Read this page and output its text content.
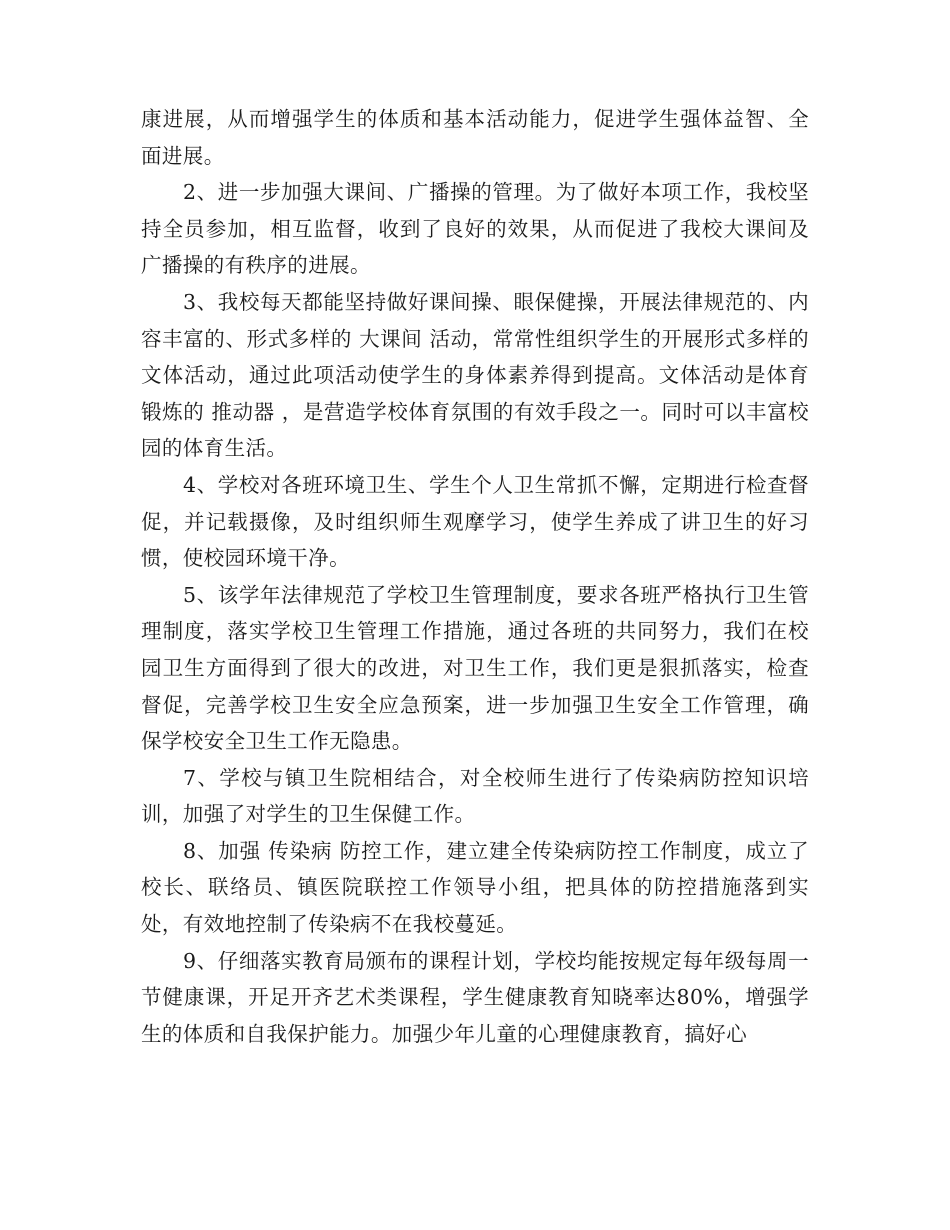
康进展，从而增强学生的体质和基本活动能力，促进学生强体益智、全面进展。

2、进一步加强大课间、广播操的管理。为了做好本项工作，我校坚持全员参加，相互监督，收到了良好的效果，从而促进了我校大课间及广播操的有秩序的进展。

3、我校每天都能坚持做好课间操、眼保健操，开展法律规范的、内容丰富的、形式多样的 大课间 活动，常常性组织学生的开展形式多样的文体活动，通过此项活动使学生的身体素养得到提高。文体活动是体育锻炼的 推动器 ，是营造学校体育氛围的有效手段之一。同时可以丰富校园的体育生活。

4、学校对各班环境卫生、学生个人卫生常抓不懈，定期进行检查督促，并记载摄像，及时组织师生观摩学习，使学生养成了讲卫生的好习惯，使校园环境干净。

5、该学年法律规范了学校卫生管理制度，要求各班严格执行卫生管理制度，落实学校卫生管理工作措施，通过各班的共同努力，我们在校园卫生方面得到了很大的改进，对卫生工作，我们更是狠抓落实，检查督促，完善学校卫生安全应急预案，进一步加强卫生安全工作管理，确保学校安全卫生工作无隐患。

7、学校与镇卫生院相结合，对全校师生进行了传染病防控知识培训，加强了对学生的卫生保健工作。

8、加强 传染病 防控工作，建立建全传染病防控工作制度，成立了校长、联络员、镇医院联控工作领导小组，把具体的防控措施落到实处，有效地控制了传染病不在我校蔓延。

9、仔细落实教育局颁布的课程计划，学校均能按规定每年级每周一节健康课，开足开齐艺术类课程，学生健康教育知晓率达80%，增强学生的体质和自我保护能力。加强少年儿童的心理健康教育，搞好心
